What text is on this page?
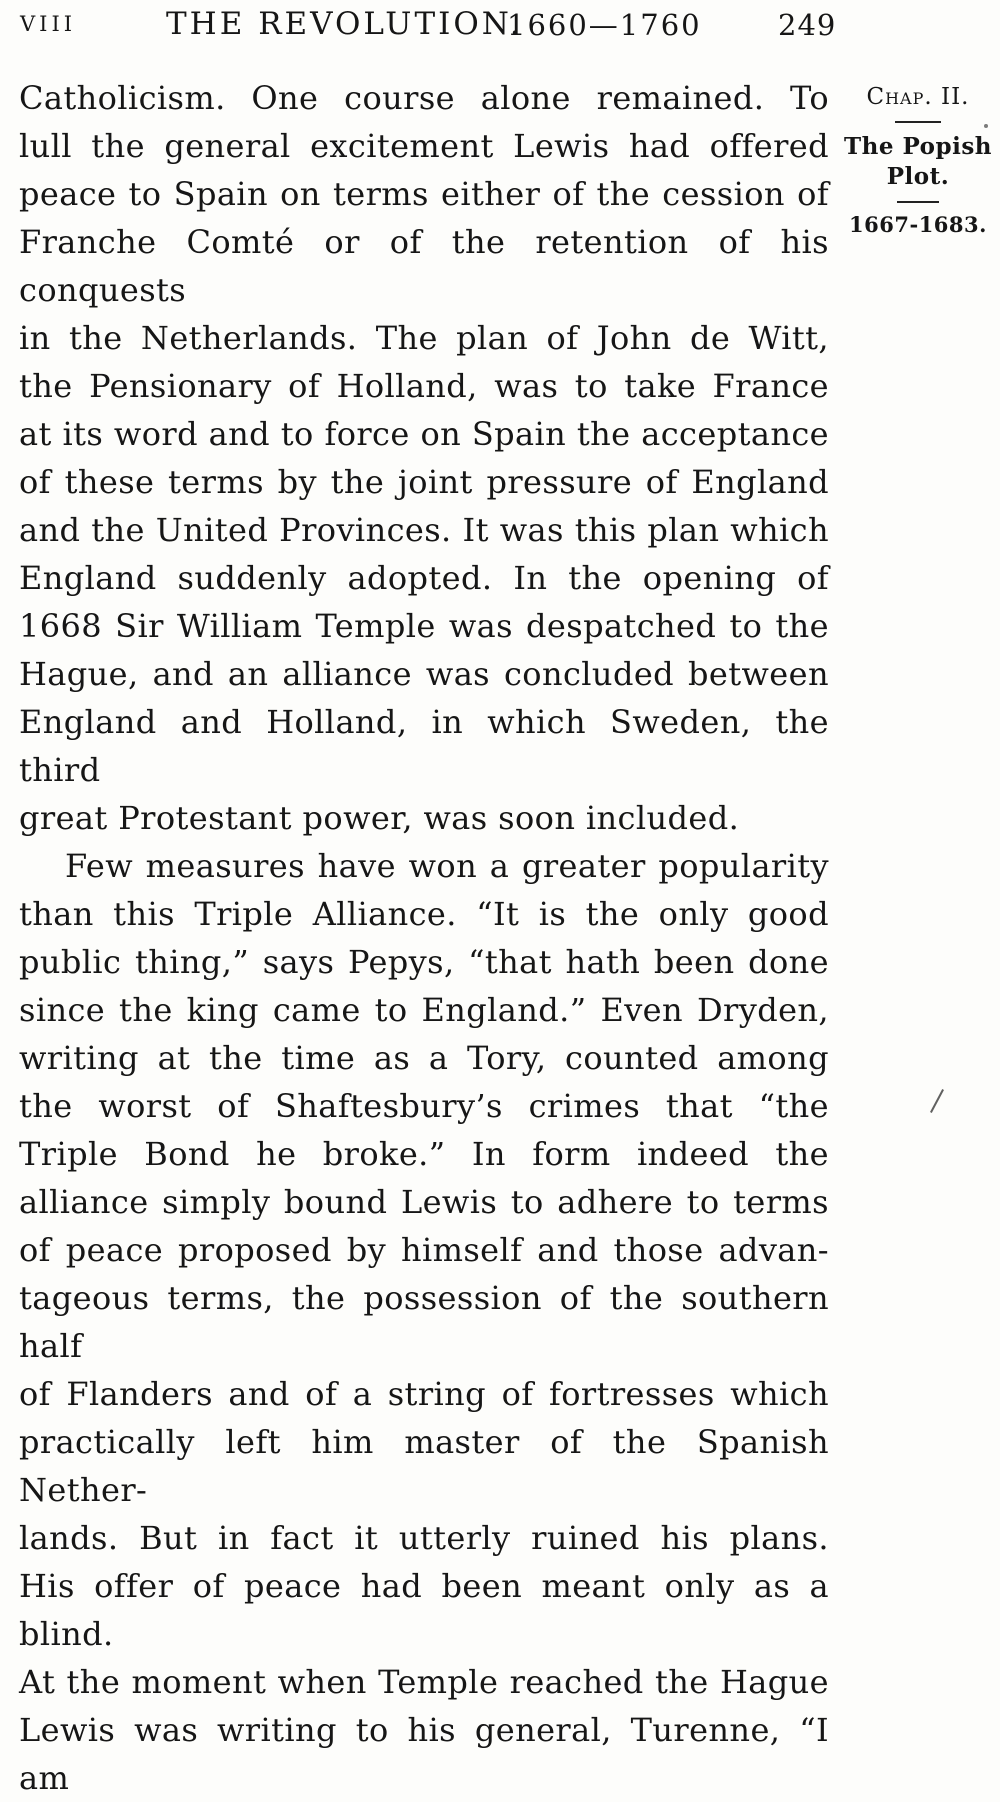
VIII	THE REVOLUTION.
1660—1760	249
Catholicism. One course alone remained. To
lull the general excitement Lewis had offered
peace to Spain on terms either of the cession of
Franche Comté or of the retention of his conquests
in the Netherlands. The plan of John de Witt,
the Pensionary of Holland, was to take France
at its word and to force on Spain the acceptance
of these terms by the joint pressure of England
and the United Provinces. It was this plan which
England suddenly adopted. In the opening of
1668 Sir William Temple was despatched to the
Hague, and an alliance was concluded between
England and Holland, in which Sweden, the third
great Protestant power, was soon included.
Few measures have won a greater popularity
than this Triple Alliance. “It is the only good
public thing,” says Pepys, “that hath been done
since the king came to England.” Even Dryden,
writing at the time as a Tory, counted among
the worst of Shaftesbury’s crimes that “the
Triple Bond he broke.” In form indeed the
alliance simply bound Lewis to adhere to terms
of peace proposed by himself and those advan-
tageous terms, the possession of the southern half
of Flanders and of a string of fortresses which
practically left him master of the Spanish Nether-
lands. But in fact it utterly ruined his plans.
His offer of peace had been meant only as a blind.
At the moment when Temple reached the Hague
Lewis was writing to his general, Turenne, “I am
Chap. II.
The Popish
Plot.
1667-1683.
